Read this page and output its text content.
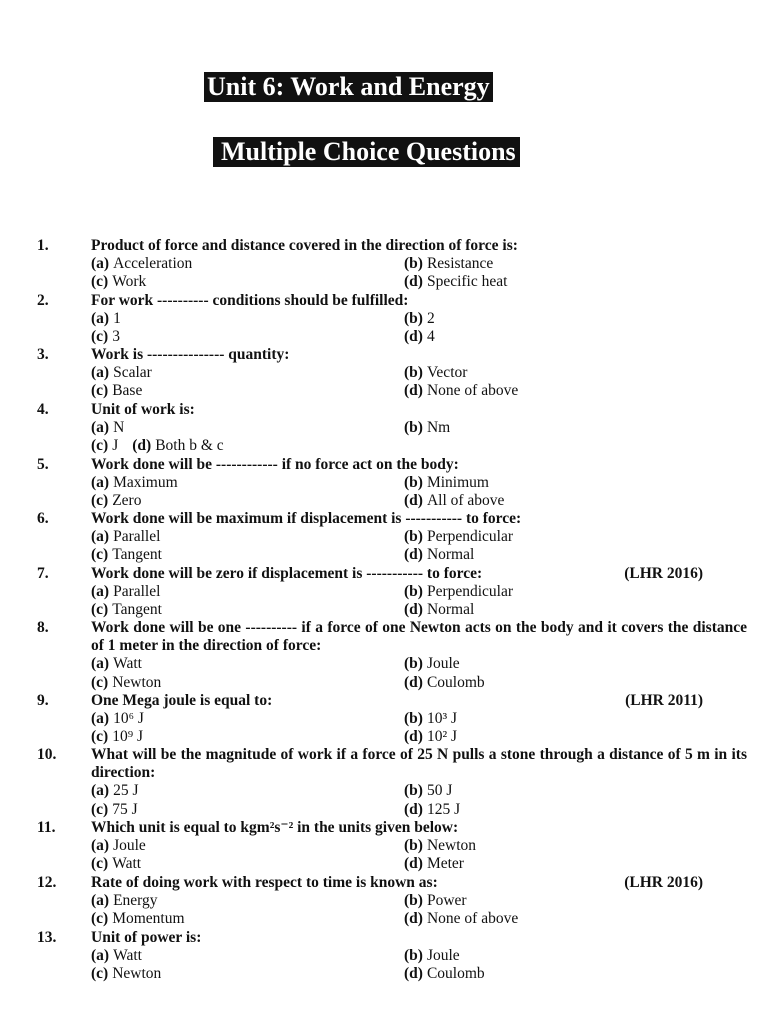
Unit 6: Work and Energy
Multiple Choice Questions
1.	Product of force and distance covered in the direction of force is:
(a) Acceleration	(b) Resistance
(c) Work	(d) Specific heat
2.	For work ---------- conditions should be fulfilled:
(a) 1	(b) 2
(c) 3	(d) 4
3.	Work is --------------- quantity:
(a) Scalar	(b) Vector
(c) Base	(d) None of above
4.	Unit of work is:
(a) N	(b) Nm
(c) J (d) Both b & c
5.	Work done will be ------------ if no force act on the body:
(a) Maximum	(b) Minimum
(c) Zero	(d) All of above
6.	Work done will be maximum if displacement is ----------- to force:
(a) Parallel	(b) Perpendicular
(c) Tangent	(d) Normal
(LHR 2016)
7.	Work done will be zero if displacement is ----------- to force:
(a) Parallel	(b) Perpendicular
(c) Tangent	(d) Normal
8.	Work done will be one ---------- if a force of one Newton acts on the body and it covers the distance of 1 meter in the direction of force:
(a) Watt	(b) Joule
(c) Newton	(d) Coulomb
(LHR 2011)
9.	One Mega joule is equal to:
(a) 10⁶ J	(b) 10³ J
(c) 10⁹ J	(d) 10² J
10.	What will be the magnitude of work if a force of 25 N pulls a stone through a distance of 5 m in its direction:
(a) 25 J	(b) 50 J
(c) 75 J	(d) 125 J
11.	Which unit is equal to kgm²s⁻² in the units given below:
(a) Joule	(b) Newton
(c) Watt	(d) Meter
(LHR 2016)
12.	Rate of doing work with respect to time is known as:
(a) Energy	(b) Power
(c) Momentum	(d) None of above
13.	Unit of power is:
(a) Watt	(b) Joule
(c) Newton	(d) Coulomb
